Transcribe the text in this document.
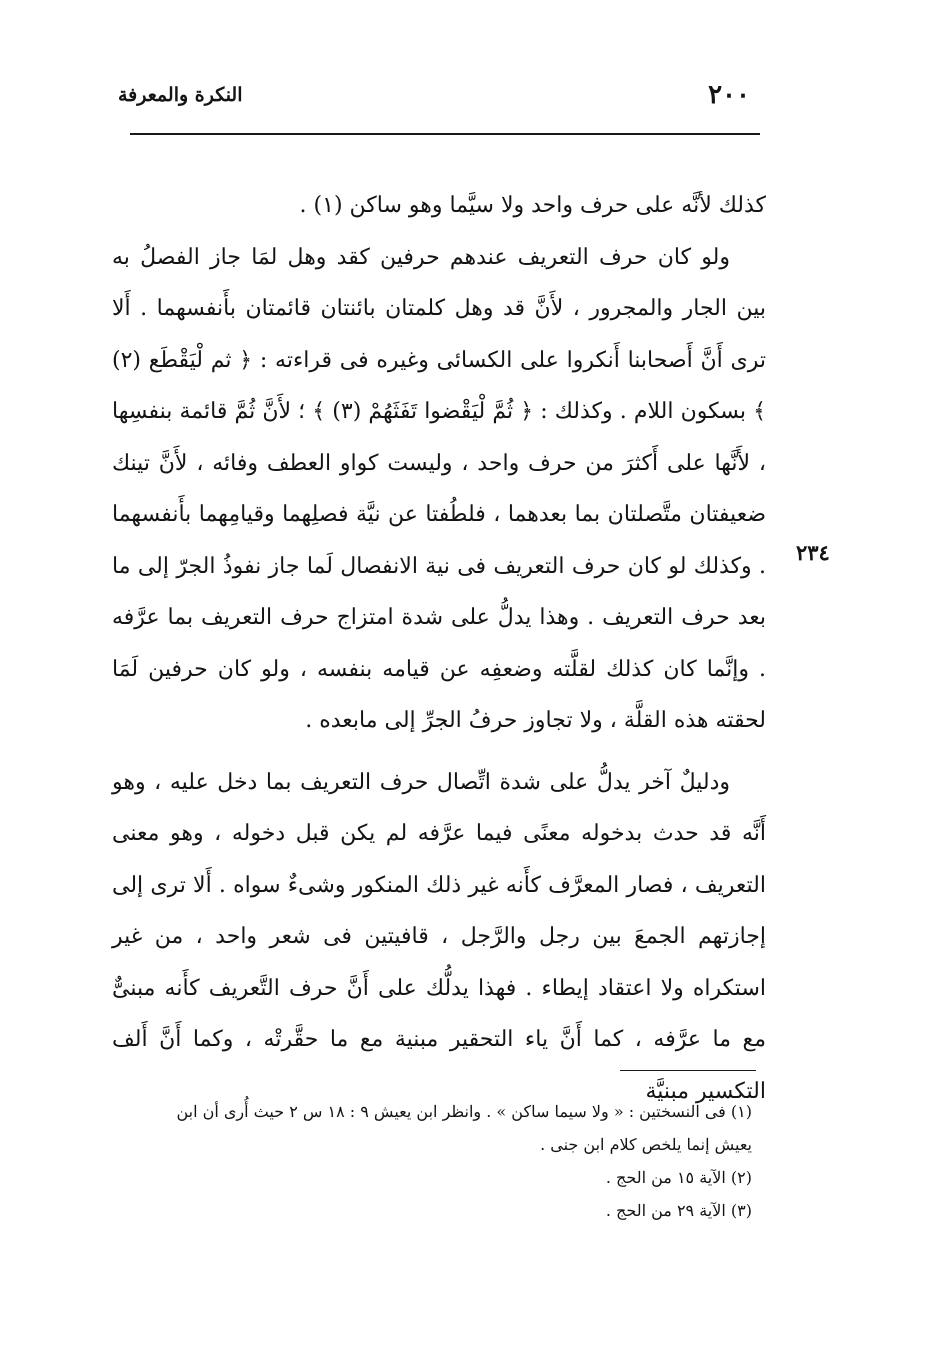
٢٠٠
النكرة والمعرفة
٢٣٤

كذلك لأنَّه على حرف واحد ولا سيَّما وهو ساكن (١) .

ولو كان حرف التعريف عندهم حرفين كقد وهل لمَا جاز الفصلُ به بين الجار والمجرور ، لأَنَّ قد وهل كلمتان بائنتان قائمتان بأَنفسهما . أَلا ترى أَنَّ أَصحابنا أَنكروا على الكسائى وغيره فى قراءته : ﴿ ثم لْيَقْطَع (٢) ﴾ بسكون اللام . وكذلك : ﴿ ثُمَّ لْيَقْضوا تَفَثَهُمْ (٣) ﴾ ؛ لأَنَّ ثُمَّ قائمة بنفسِها ، لأَنَّها على أَكثرَ من حرف واحد ، وليست كواو العطف وفائه ، لأَنَّ تينك ضعيفتان متَّصلتان بما بعدهما ، فلطُفتا عن نيَّة فصلِهما وقيامِهما بأَنفسهما . وكذلك لو كان حرف التعريف فى نية الانفصال لَما جاز نفوذُ الجرّ إلى ما بعد حرف التعريف . وهذا يدلُّ على شدة امتزاج حرف التعريف بما عرَّفه . وإنَّما كان كذلك لقلَّته وضعفِه عن قيامه بنفسه ، ولو كان حرفين لَمَا لحقته هذه القلَّة ، ولا تجاوز حرفُ الجرِّ إلى مابعده .

ودليلٌ آخر يدلُّ على شدة اتِّصال حرف التعريف بما دخل عليه ، وهو أَنَّه قد حدث بدخوله معنًى فيما عرَّفه لم يكن قبل دخوله ، وهو معنى التعريف ، فصار المعرَّف كأَنه غير ذلك المنكور وشىءٌ سواه . أَلا ترى إلى إجازتهم الجمعَ بين رجل والرَّجل ، قافيتين فى شعر واحد ، من غير استكراه ولا اعتقاد إيطاء . فهذا يدلُّك على أَنَّ حرف التَّعريف كأَنه مبنىٌّ مع ما عرَّفه ، كما أَنَّ ياء التحقير مبنية مع ما حقَّرتْه ، وكما أَنَّ أَلف التكسير مبنيَّة

(١) فى النسختين : « ولا سيما ساكن » . وانظر ابن يعيش ٩ : ١٨ س ٢ حيث أُرى أن ابن

يعيش إنما يلخص كلام ابن جنى .

(٢) الآية ١٥ من الحج .

(٣) الآية ٢٩ من الحج .
